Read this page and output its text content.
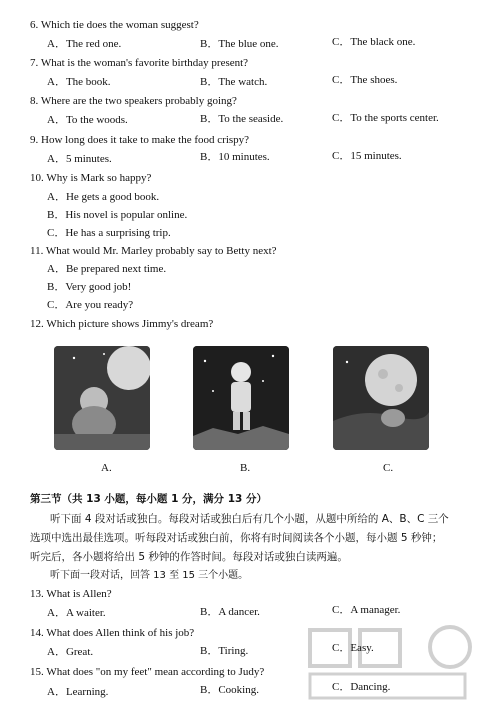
6. Which tie does the woman suggest?
A．The red one.	B．The blue one.	C．The black one.
7. What is the woman's favorite birthday present?
A．The book.	B．The watch.	C．The shoes.
8. Where are the two speakers probably going?
A．To the woods.	B．To the seaside.	C．To the sports center.
9. How long does it take to make the food crispy?
A．5 minutes.	B．10 minutes.	C．15 minutes.
10. Why is Mark so happy?
A．He gets a good book.
B．His novel is popular online.
C．He has a surprising trip.
11. What would Mr. Marley probably say to Betty next?
A．Be prepared next time.
B．Very good job!
C．Are you ready?
12. Which picture shows Jimmy's dream?
A.	B.	C.
第三节（共 13 小题，每小题 1 分，满分 13 分）
听下面 4 段对话或独白。每段对话或独白后有几个小题，从题中所给的 A、B、C 三个
选项中选出最佳选项。听每段对话或独白前，你将有时间阅读各个小题，每小题 5 秒钟；
听完后，各小题将给出 5 秒钟的作答时间。每段对话或独白读两遍。
听下面一段对话，回答 13 至 15 三个小题。
13. What is Allen?
A．A waiter.	B．A dancer.	C．A manager.
14. What does Allen think of his job?
A．Great.	B．Tiring.	C．Easy.
15. What does "on my feet" mean according to Judy?
A．Learning.	B．Cooking.	C．Dancing.
